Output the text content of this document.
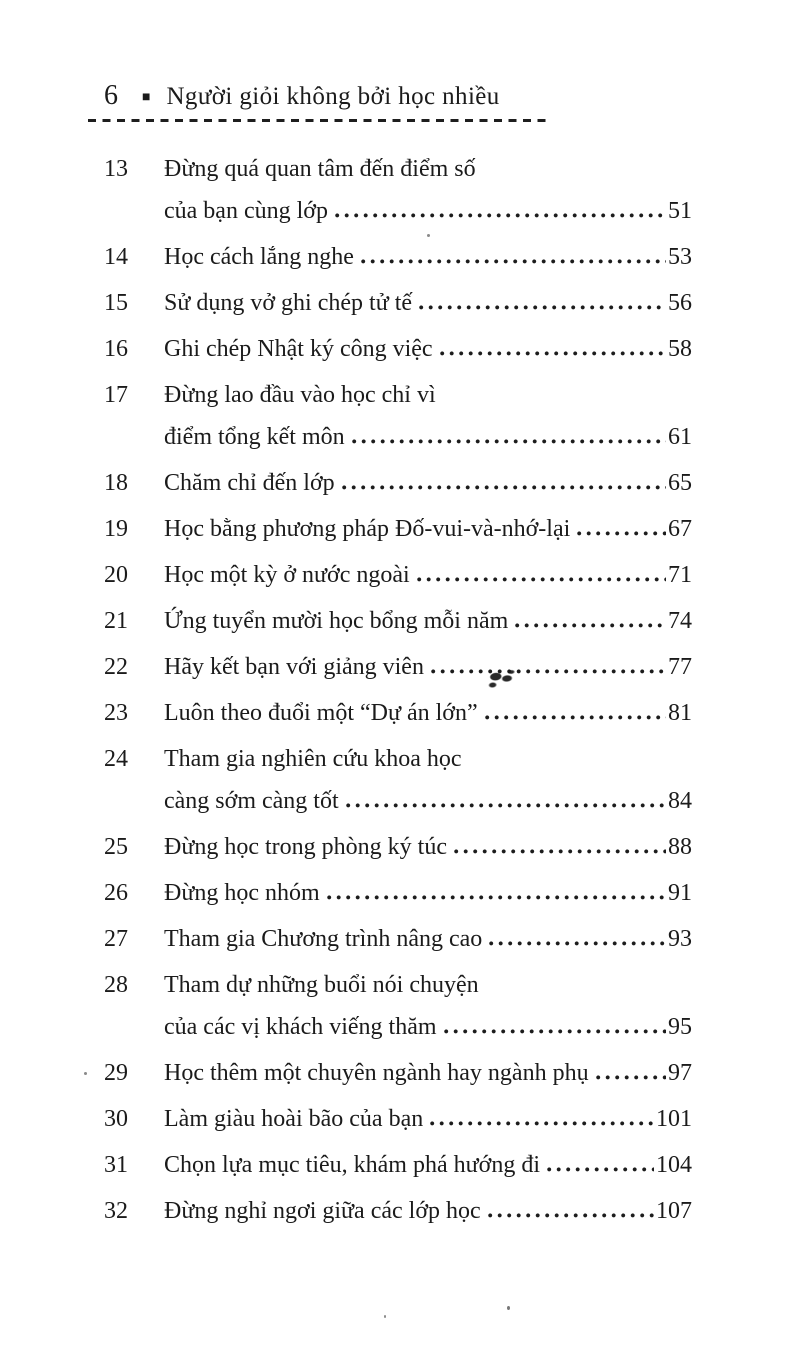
6 ■ Người giỏi không bởi học nhiều
13	Đừng quá quan tâm đến điểm số
của bạn cùng lớp	51
14	Học cách lắng nghe	53
15	Sử dụng vở ghi chép tử tế	56
16	Ghi chép Nhật ký công việc	58
17	Đừng lao đầu vào học chỉ vì
điểm tổng kết môn	61
18	Chăm chỉ đến lớp	65
19	Học bằng phương pháp Đố-vui-và-nhớ-lại	67
20	Học một kỳ ở nước ngoài	71
21	Ứng tuyển mười học bổng mỗi năm	74
22	Hãy kết bạn với giảng viên	77
23	Luôn theo đuổi một “Dự án lớn”	81
24	Tham gia nghiên cứu khoa học
càng sớm càng tốt	84
25	Đừng học trong phòng ký túc	88
26	Đừng học nhóm	91
27	Tham gia Chương trình nâng cao	93
28	Tham dự những buổi nói chuyện
của các vị khách viếng thăm	95
29	Học thêm một chuyên ngành hay ngành phụ	97
30	Làm giàu hoài bão của bạn	101
31	Chọn lựa mục tiêu, khám phá hướng đi	104
32	Đừng nghỉ ngơi giữa các lớp học	107
